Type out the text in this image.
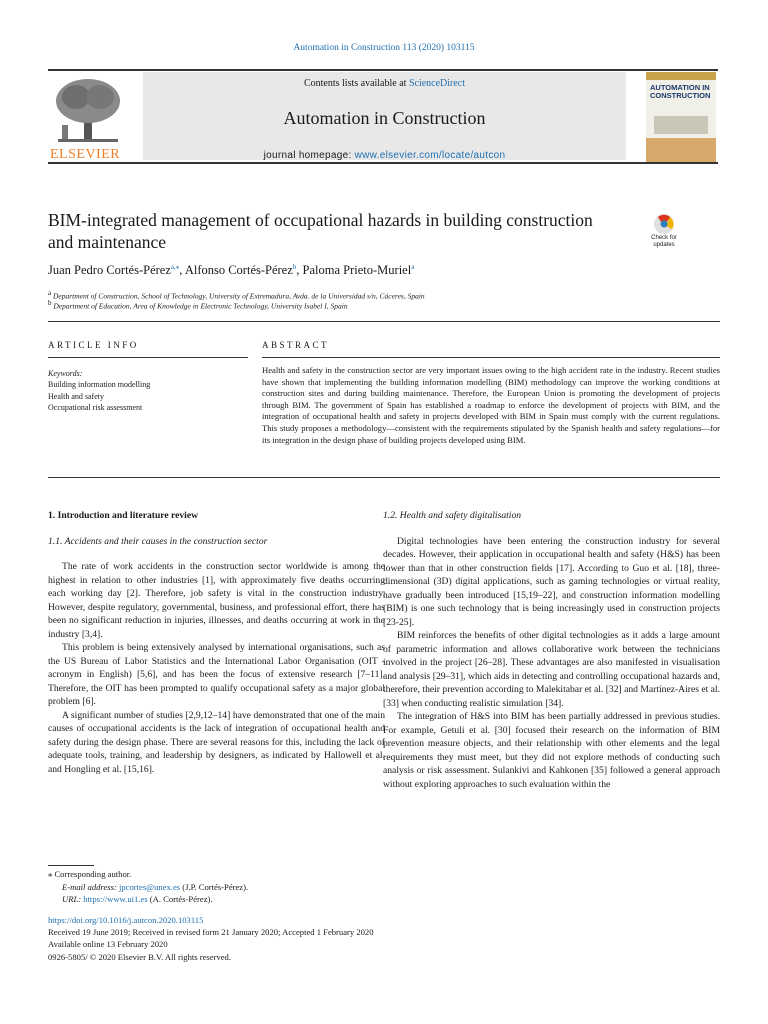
Automation in Construction 113 (2020) 103115
ELSEVIER
Contents lists available at ScienceDirect
Automation in Construction
journal homepage: www.elsevier.com/locate/autcon
AUTOMATION IN CONSTRUCTION
BIM-integrated management of occupational hazards in building construction and maintenance	Check for updates
Juan Pedro Cortés-Pérez$^{a,⁎}$, Alfonso Cortés-Pérez$^b$, Paloma Prieto-Muriel$^a$
$^a$ Department of Construction, School of Technology, University of Extremadura, Avda. de la Universidad s/n, Cáceres, Spain
$^b$ Department of Education, Area of Knowledge in Electronic Technology, University Isabel I, Spain
ARTICLE INFO	ABSTRACT
Keywords:
Building information modelling
Health and safety
Occupational risk assessment
Health and safety in the construction sector are very important issues owing to the high accident rate in the industry. Recent studies have shown that implementing the building information modelling (BIM) methodology can improve the working conditions at construction sites and during building maintenance. Therefore, the European Union is promoting the development of projects through BIM. The government of Spain has established a roadmap to enforce the development of projects with BIM, and the integration of occupational health and safety in projects developed with BIM in Spain must comply with the current regulations. This study proposes a methodology—consistent with the requirements stipulated by the Spanish health and safety regulations—for its integration in the design phase of building projects developed using BIM.
1. Introduction and literature review
1.1. Accidents and their causes in the construction sector

The rate of work accidents in the construction sector worldwide is among the highest in relation to other industries [1], with approximately five deaths occurring each working day [2]. Therefore, job safety is vital in the construction industry. However, despite regulatory, governmental, business, and professional effort, there has been no significant reduction in injuries, illnesses, and deaths occurring at work in the industry [3,4].

This problem is being extensively analysed by international organisations, such as the US Bureau of Labor Statistics and the International Labor Organisation (OIT - acronym in English) [5,6], and has been the focus of extensive research [7–11]. Therefore, the OIT has been prompted to qualify occupational safety as a major global problem [6].

A significant number of studies [2,9,12–14] have demonstrated that one of the main causes of occupational accidents is the lack of integration of occupational health and safety during the design phase. There are several reasons for this, including the lack of adequate tools, training, and leadership by designers, as indicated by Hallowell et al. and Hongling et al. [15,16].

1.2. Health and safety digitalisation

Digital technologies have been entering the construction industry for several decades. However, their application in occupational health and safety (H&S) has been lower than that in other construction fields [17]. According to Guo et al. [18], three-dimensional (3D) digital applications, such as gaming technologies or virtual reality, have gradually been introduced [15,19–22], and construction information modelling (BIM) is one such technology that is being increasingly used in construction projects [23-25].

BIM reinforces the benefits of other digital technologies as it adds a large amount of parametric information and allows collaborative work between the technicians involved in the project [26–28]. These advantages are also manifested in visualisation and analysis [29–31], which aids in detecting and controlling occupational hazards and, therefore, their prevention according to Malekitabar et al. [32] and Martínez-Aires et al. [33] when conducting realistic simulation [34].

The integration of H&S into BIM has been partially addressed in previous studies. For example, Getuli et al. [30] focused their research on the information of BIM prevention measure objects, and their relationship with other elements and the legal requirements they must meet, but they did not explore methods of conducting such analysis or risk assessment. Sulankivi and Kahkonen [35] followed a general approach without exploring approaches to such evaluation within the

⁎ Corresponding author.
E-mail address: jpcortes@unex.es (J.P. Cortés-Pérez).
URL: https://www.ui1.es (A. Cortés-Pérez).
https://doi.org/10.1016/j.autcon.2020.103115
Received 19 June 2019; Received in revised form 21 January 2020; Accepted 1 February 2020
Available online 13 February 2020
0926-5805/ © 2020 Elsevier B.V. All rights reserved.
